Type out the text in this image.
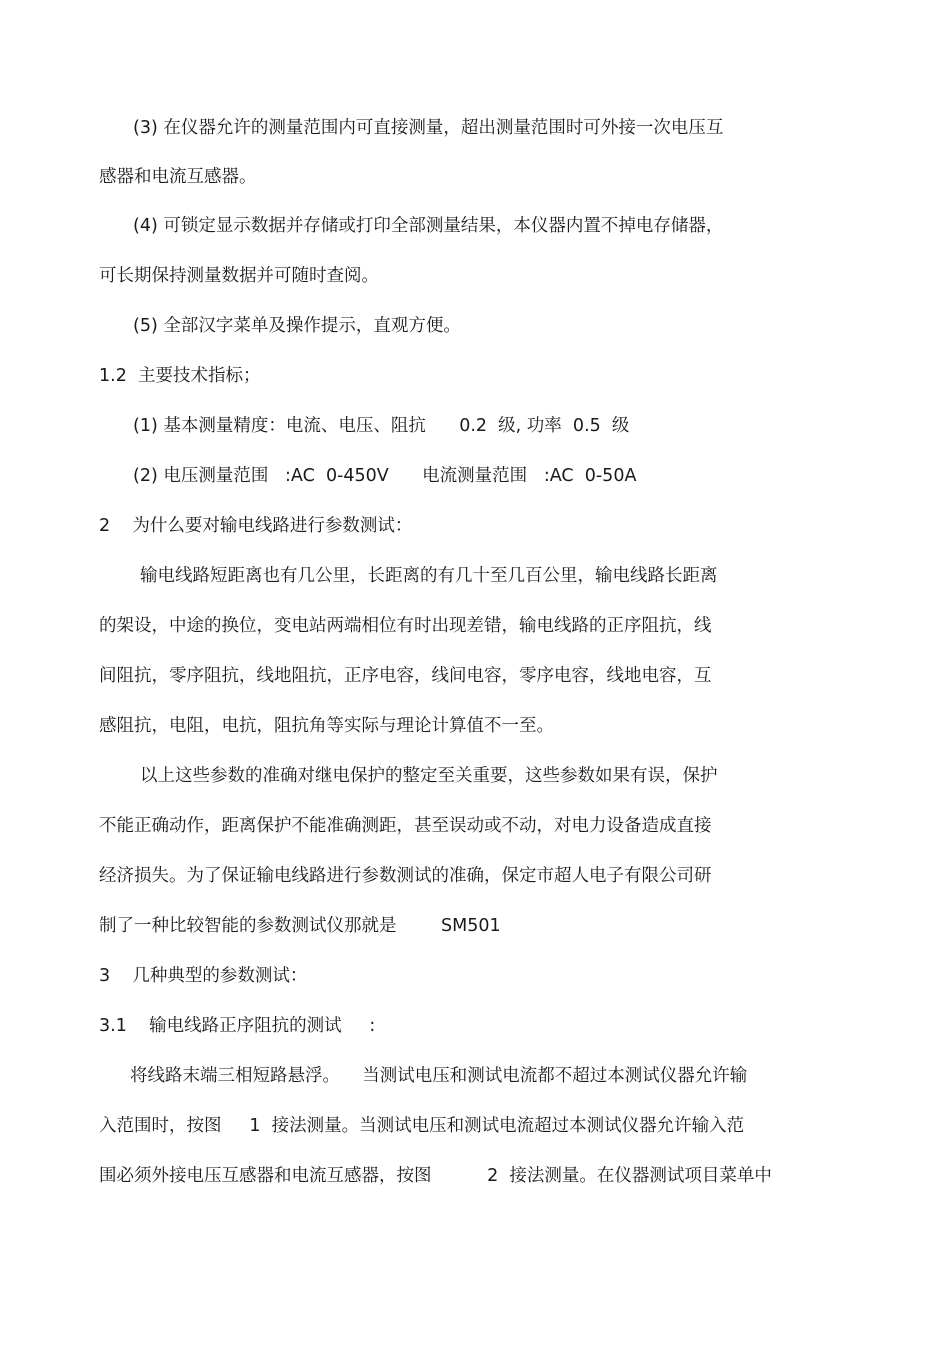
(3) 在仪器允许的测量范围内可直接测量，超出测量范围时可外接一次电压互
感器和电流互感器。
(4) 可锁定显示数据并存储或打印全部测量结果，本仪器内置不掉电存储器，
可长期保持测量数据并可随时查阅。
(5) 全部汉字菜单及操作提示，直观方便。
1.2  主要技术指标；
(1) 基本测量精度：电流、电压、阻抗      0.2  级, 功率  0.5  级
(2) 电压测量范围   :AC  0-450V      电流测量范围   :AC  0-50A
2    为什么要对输电线路进行参数测试：
输电线路短距离也有几公里，长距离的有几十至几百公里，输电线路长距离
的架设，中途的换位，变电站两端相位有时出现差错，输电线路的正序阻抗，线
间阻抗，零序阻抗，线地阻抗，正序电容，线间电容，零序电容，线地电容，互
感阻抗，电阻，电抗，阻抗角等实际与理论计算值不一至。
以上这些参数的准确对继电保护的整定至关重要，这些参数如果有误，保护
不能正确动作，距离保护不能准确测距，甚至误动或不动，对电力设备造成直接
经济损失。为了保证输电线路进行参数测试的准确，保定市超人电子有限公司研
制了一种比较智能的参数测试仪那就是        SM501
3    几种典型的参数测试：
3.1    输电线路正序阻抗的测试     :
将线路末端三相短路悬浮。    当测试电压和测试电流都不超过本测试仪器允许输
入范围时，按图     1  接法测量。当测试电压和测试电流超过本测试仪器允许输入范
围必须外接电压互感器和电流互感器，按图          2  接法测量。在仪器测试项目菜单中
